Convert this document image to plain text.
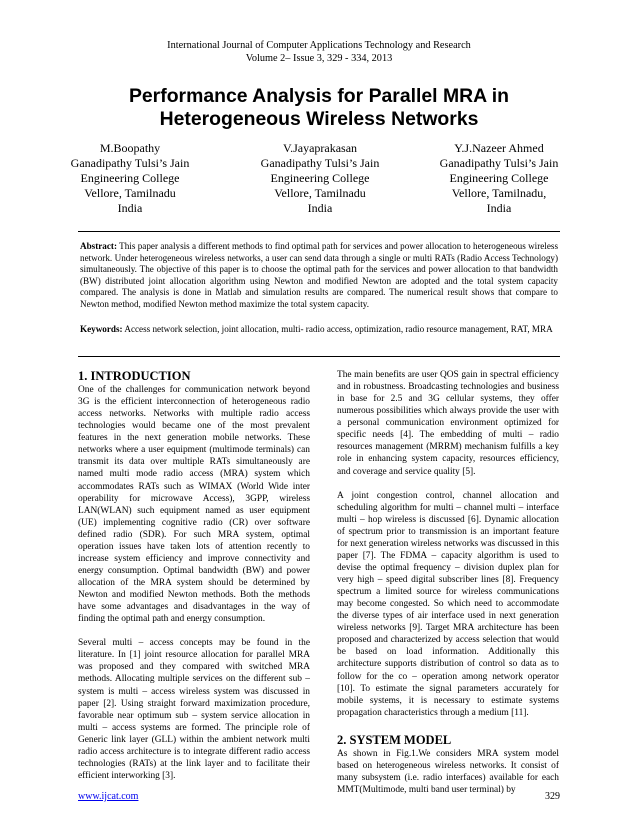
International Journal of Computer Applications Technology and Research
Volume 2– Issue 3, 329 - 334, 2013
Performance Analysis for Parallel MRA in
Heterogeneous Wireless Networks
M.Boopathy
Ganadipathy Tulsi’s Jain
Engineering College
Vellore, Tamilnadu
India
V.Jayaprakasan
Ganadipathy Tulsi’s Jain
Engineering College
Vellore, Tamilnadu
India
Y.J.Nazeer Ahmed
Ganadipathy Tulsi’s Jain
Engineering College
Vellore, Tamilnadu,
India
Abstract: This paper analysis a different methods to find optimal path for services and power allocation to heterogeneous wireless network. Under heterogeneous wireless networks, a user can send data through a single or multi RATs (Radio Access Technology) simultaneously. The objective of this paper is to choose the optimal path for the services and power allocation to that bandwidth (BW) distributed joint allocation algorithm using Newton and modified Newton are adopted and the total system capacity compared. The analysis is done in Matlab and simulation results are compared. The numerical result shows that compare to Newton method, modified Newton method maximize the total system capacity.
Keywords: Access network selection, joint allocation, multi- radio access, optimization, radio resource management, RAT, MRA
1. INTRODUCTION

One of the challenges for communication network beyond 3G is the efficient interconnection of heterogeneous radio access networks. Networks with multiple radio access technologies would became one of the most prevalent features in the next generation mobile networks. These networks where a user equipment (multimode terminals) can transmit its data over multiple RATs simultaneously are named multi mode radio access (MRA) system which accommodates RATs such as WIMAX (World Wide inter operability for microwave Access), 3GPP, wireless LAN(WLAN) such equipment named as user equipment (UE) implementing cognitive radio (CR) over software defined radio (SDR). For such MRA system, optimal operation issues have taken lots of attention recently to increase system efficiency and improve connectivity and energy consumption. Optimal bandwidth (BW) and power allocation of the MRA system should be determined by Newton and modified Newton methods. Both the methods have some advantages and disadvantages in the way of finding the optimal path and energy consumption.

Several multi – access concepts may be found in the literature. In [1] joint resource allocation for parallel MRA was proposed and they compared with switched MRA methods. Allocating multiple services on the different sub – system is multi – access wireless system was discussed in paper [2]. Using straight forward maximization procedure, favorable near optimum sub – system service allocation in multi – access systems are formed. The principle role of Generic link layer (GLL) within the ambient network multi radio access architecture is to integrate different radio access technologies (RATs) at the link layer and to facilitate their efficient interworking [3].

The main benefits are user QOS gain in spectral efficiency and in robustness. Broadcasting technologies and business in base for 2.5 and 3G cellular systems, they offer numerous possibilities which always provide the user with a personal communication environment optimized for specific needs [4]. The embedding of multi – radio resources management (MRRM) mechanism fulfills a key role in enhancing system capacity, resources efficiency, and coverage and service quality [5].

A joint congestion control, channel allocation and scheduling algorithm for multi – channel multi – interface multi – hop wireless is discussed [6]. Dynamic allocation of spectrum prior to transmission is an important feature for next generation wireless networks was discussed in this paper [7]. The FDMA – capacity algorithm is used to devise the optimal frequency – division duplex plan for very high – speed digital subscriber lines [8]. Frequency spectrum a limited source for wireless communications may become congested. So which need to accommodate the diverse types of air interface used in next generation wireless networks [9]. Target MRA architecture has been proposed and characterized by access selection that would be based on load information. Additionally this architecture supports distribution of control so data as to follow for the co – operation among network operator [10]. To estimate the signal parameters accurately for mobile systems, it is necessary to estimate systems propagation characteristics through a medium [11].

2. SYSTEM MODEL

As shown in Fig.1.We considers MRA system model based on heterogeneous wireless networks. It consist of many subsystem (i.e. radio interfaces) available for each MMT(Multimode, multi band user terminal) by

www.ijcat.com	329
